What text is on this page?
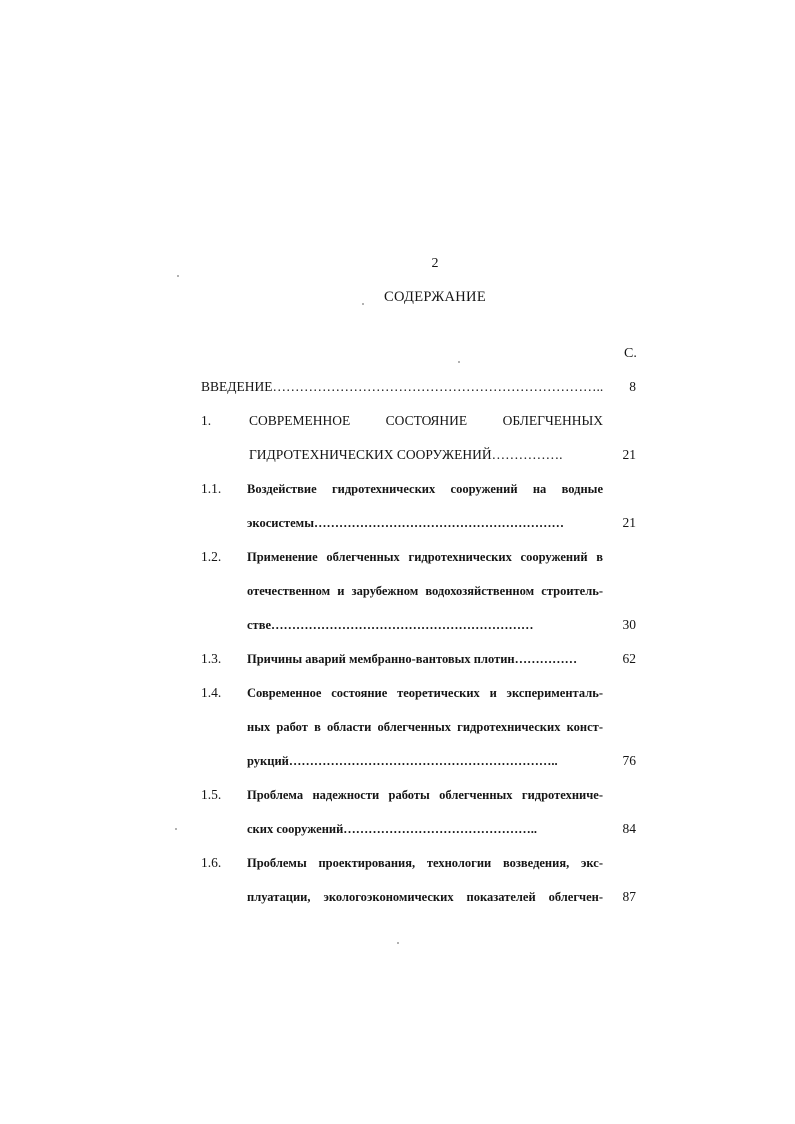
2
СОДЕРЖАНИЕ
С.
ВВЕДЕНИЕ………………………………………………………………..	8
1.	СОВРЕМЕННОЕ СОСТОЯНИЕ ОБЛЕГЧЕННЫХ
ГИДРОТЕХНИЧЕСКИХ СООРУЖЕНИЙ…………….	21
1.1. Воздействие гидротехнических сооружений на водные
экосистемы……………………………………………………	21
1.2. Применение облегченных гидротехнических сооружений в
отечественном и зарубежном водохозяйственном строитель-
стве………………………………………………………	30
1.3. Причины аварий мембранно-вантовых плотин……………	62
1.4. Современное состояние теоретических и эксперименталь-
ных работ в области облегченных гидротехнических конст-
рукций………………………………………………………..	76
1.5. Проблема надежности работы облегченных гидротехниче-
ских сооружений………………………………………..	84
1.6. Проблемы проектирования, технологии возведения, экс-
плуатации, экологоэкономических показателей облегчен-	87
